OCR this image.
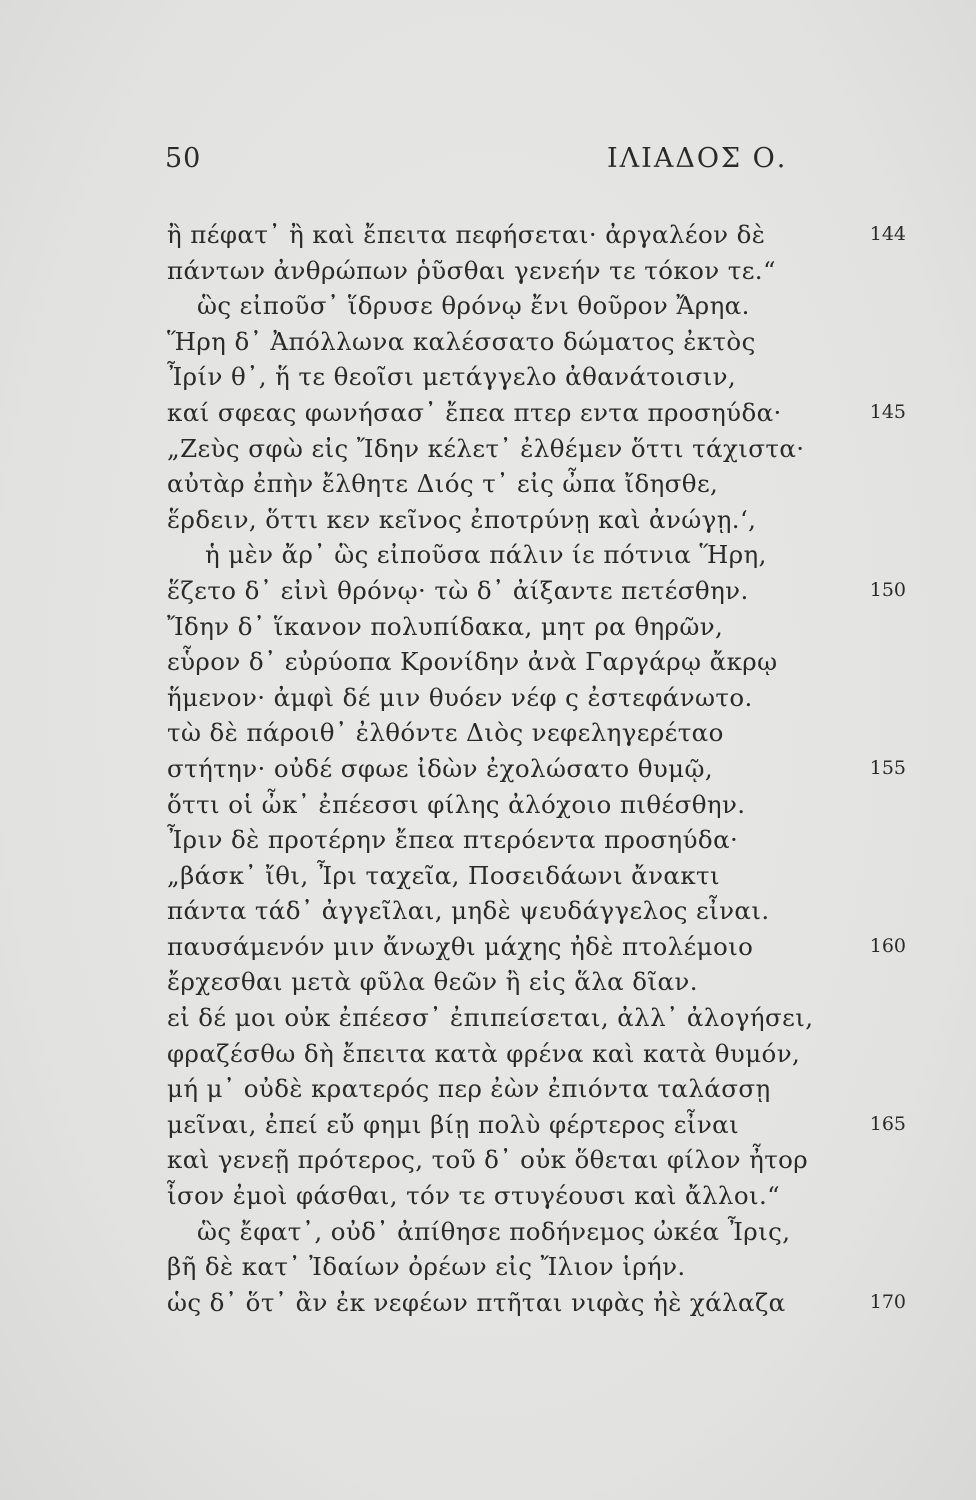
50	ΙΛΙΑΔΟΣ Ο.
ἢ πέφατ᾽ ἢ καὶ ἔπειτα πεφήσεται· ἀργαλέον δὲ	144
πάντων ἀνθρώπων ῥῦσθαι γενεήν τε τόκον τε.“
ὣς εἰποῦσ᾽ ἵδρυσε θρόνῳ ἔνι θοῦρον Ἄρηα.
Ἥρη δ᾽ Ἀπόλλωνα καλέσσατο δώματος ἐκτὸς
Ἶρίν θ᾽, ἥ τε θεοῖσι μετάγγελο ἀθανάτοισιν,
καί σφεας φωνήσασ᾽ ἔπεα πτερ εντα προσηύδα·	145
„Ζεὺς σφὼ εἰς Ἴδην κέλετ᾽ ἐλθέμεν ὅττι τάχιστα·
αὐτὰρ ἐπὴν ἔλθητε Διός τ᾽ εἰς ὦπα ἴδησθε,
ἕρδειν, ὅττι κεν κεῖνος ἐποτρύνῃ καὶ ἀνώγῃ.‘,
ἡ μὲν ἄρ᾽ ὣς εἰποῦσα πάλιν ίε πότνια Ἥρη,
ἕζετο δ᾽ εἰνὶ θρόνῳ· τὼ δ᾽ ἀίξαντε πετέσθην.	150
Ἴδην δ᾽ ἵκανον πολυπίδακα, μητ ρα θηρῶν,
εὗρον δ᾽ εὐρύοπα Κρονίδην ἀνὰ Γαργάρῳ ἄκρῳ
ἥμενον· ἀμφὶ δέ μιν θυόεν νέφ ς ἐστεφάνωτο.
τὼ δὲ πάροιθ᾽ ἐλθόντε Διὸς νεφεληγερέταο
στήτην· οὐδέ σφωε ἰδὼν ἐχολώσατο θυμῷ,	155
ὅττι οἱ ὦκ᾽ ἐπέεσσι φίλης ἀλόχοιο πιθέσθην.
Ἶριν δὲ προτέρην ἔπεα πτερόεντα προσηύδα·
„βάσκ᾽ ἴθι, Ἶρι ταχεῖα, Ποσειδάωνι ἄνακτι
πάντα τάδ᾽ ἀγγεῖλαι, μηδὲ ψευδάγγελος εἶναι.
παυσάμενόν μιν ἄνωχθι μάχης ἠδὲ πτολέμοιο	160
ἔρχεσθαι μετὰ φῦλα θεῶν ἢ εἰς ἅλα δῖαν.
εἰ δέ μοι οὐκ ἐπέεσσ᾽ ἐπιπείσεται, ἀλλ᾽ ἀλογήσει,
φραζέσθω δὴ ἔπειτα κατὰ φρένα καὶ κατὰ θυμόν,
μή μ᾽ οὐδὲ κρατερός περ ἐὼν ἐπιόντα ταλάσσῃ
μεῖναι, ἐπεί εὔ φημι βίῃ πολὺ φέρτερος εἶναι	165
καὶ γενεῇ πρότερος, τοῦ δ᾽ οὐκ ὅθεται φίλον ἦτορ
ἶσον ἐμοὶ φάσθαι, τόν τε στυγέουσι καὶ ἄλλοι.“
ὣς ἔφατ᾽, οὐδ᾽ ἀπίθησε ποδήνεμος ὠκέα Ἶρις,
βῆ δὲ κατ᾽ Ἰδαίων ὀρέων εἰς Ἴλιον ἱρήν.
ὡς δ᾽ ὅτ᾽ ἂν ἐκ νεφέων πτῆται νιφὰς ἠὲ χάλαζα	170
